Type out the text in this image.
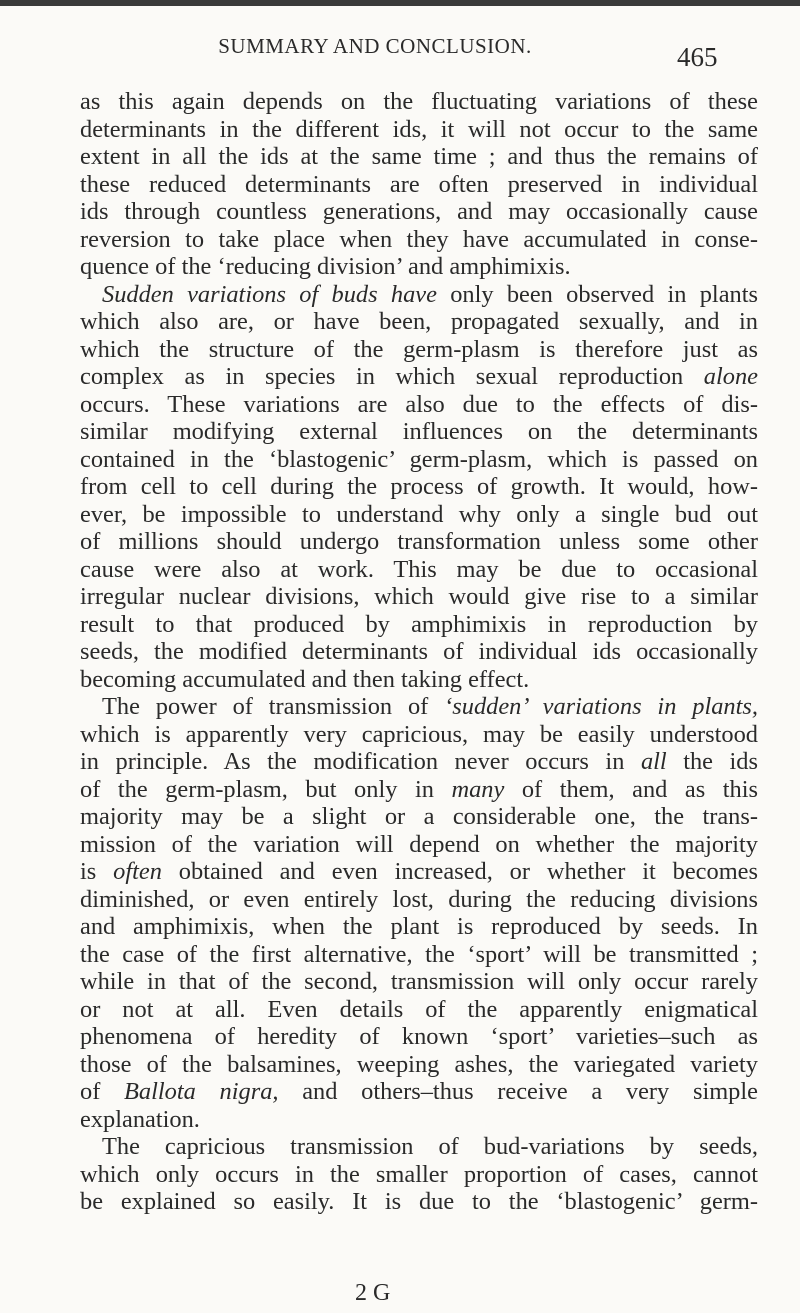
SUMMARY AND CONCLUSION.	465

as this again depends on the fluctuating variations of these

determinants in the different ids, it will not occur to the same

extent in all the ids at the same time ; and thus the remains of

these reduced determinants are often preserved in individual

ids through countless generations, and may occasionally cause

reversion to take place when they have accumulated in conse-

quence of the ‘reducing division’ and amphimixis.

Sudden variations of buds have only been observed in plants

which also are, or have been, propagated sexually, and in

which the structure of the germ-plasm is therefore just as

complex as in species in which sexual reproduction alone

occurs. These variations are also due to the effects of dis-

similar modifying external influences on the determinants

contained in the ‘blastogenic’ germ-plasm, which is passed on

from cell to cell during the process of growth. It would, how-

ever, be impossible to understand why only a single bud out

of millions should undergo transformation unless some other

cause were also at work. This may be due to occasional

irregular nuclear divisions, which would give rise to a similar

result to that produced by amphimixis in reproduction by

seeds, the modified determinants of individual ids occasionally

becoming accumulated and then taking effect.

The power of transmission of ‘sudden’ variations in plants,

which is apparently very capricious, may be easily understood

in principle. As the modification never occurs in all the ids

of the germ-plasm, but only in many of them, and as this

majority may be a slight or a considerable one, the trans-

mission of the variation will depend on whether the majority

is often obtained and even increased, or whether it becomes

diminished, or even entirely lost, during the reducing divisions

and amphimixis, when the plant is reproduced by seeds. In

the case of the first alternative, the ‘sport’ will be transmitted ;

while in that of the second, transmission will only occur rarely

or not at all. Even details of the apparently enigmatical

phenomena of heredity of known ‘sport’ varieties–such as

those of the balsamines, weeping ashes, the variegated variety

of Ballota nigra, and others–thus receive a very simple

explanation.

The capricious transmission of bud-variations by seeds,

which only occurs in the smaller proportion of cases, cannot

be explained so easily. It is due to the ‘blastogenic’ germ-

2 G
